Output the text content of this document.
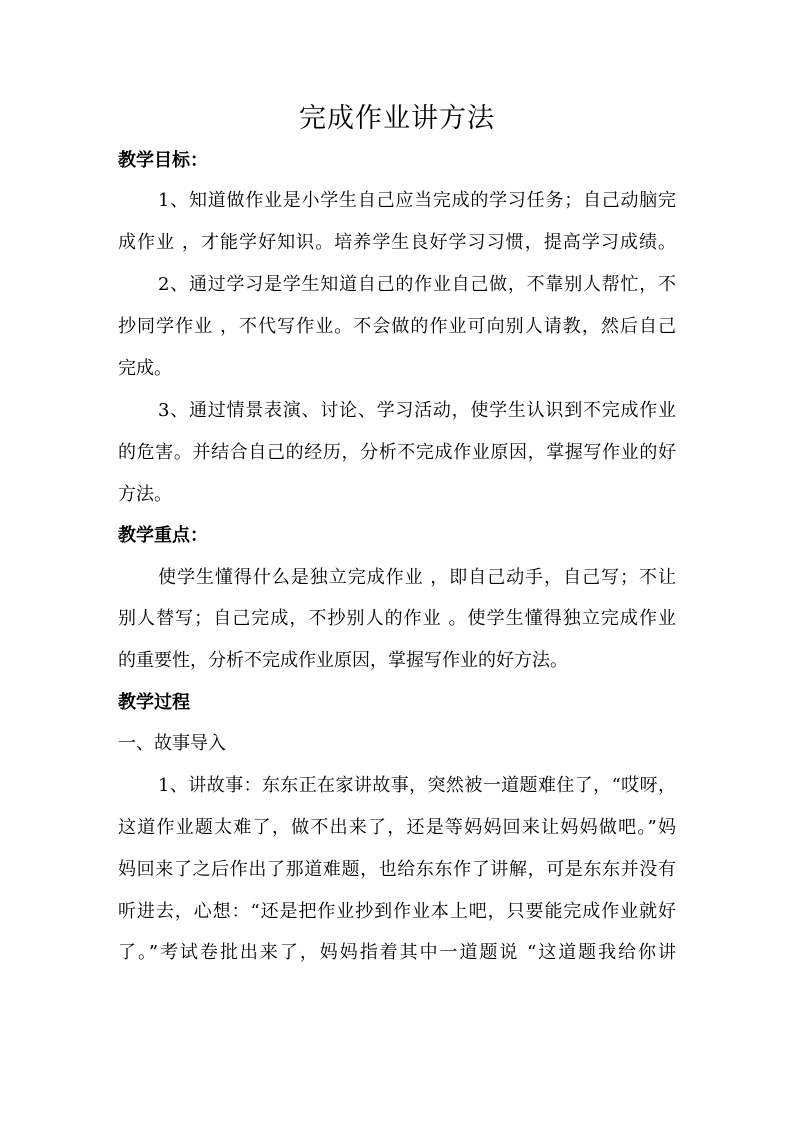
完成作业讲方法
教学目标：
1、知道做作业是小学生自己应当完成的学习任务；自己动脑完
成作业 ，才能学好知识。培养学生良好学习习惯，提高学习成绩。
2、通过学习是学生知道自己的作业自己做，不靠别人帮忙，不
抄同学作业 ，不代写作业。不会做的作业可向别人请教，然后自己
完成。
3、通过情景表演、讨论、学习活动，使学生认识到不完成作业
的危害。并结合自己的经历，分析不完成作业原因，掌握写作业的好
方法。
教学重点：
使学生懂得什么是独立完成作业 ，即自己动手，自己写；不让
别人替写；自己完成，不抄别人的作业 。使学生懂得独立完成作业
的重要性，分析不完成作业原因，掌握写作业的好方法。
教学过程
一、故事导入
1、讲故事：东东正在家讲故事，突然被一道题难住了，“哎呀，
这道作业题太难了，做不出来了，还是等妈妈回来让妈妈做吧。”妈
妈回来了之后作出了那道难题，也给东东作了讲解，可是东东并没有
听进去，心想：“还是把作业抄到作业本上吧，只要能完成作业就好
了。”考试卷批出来了，妈妈指着其中一道题说 “这道题我给你讲
